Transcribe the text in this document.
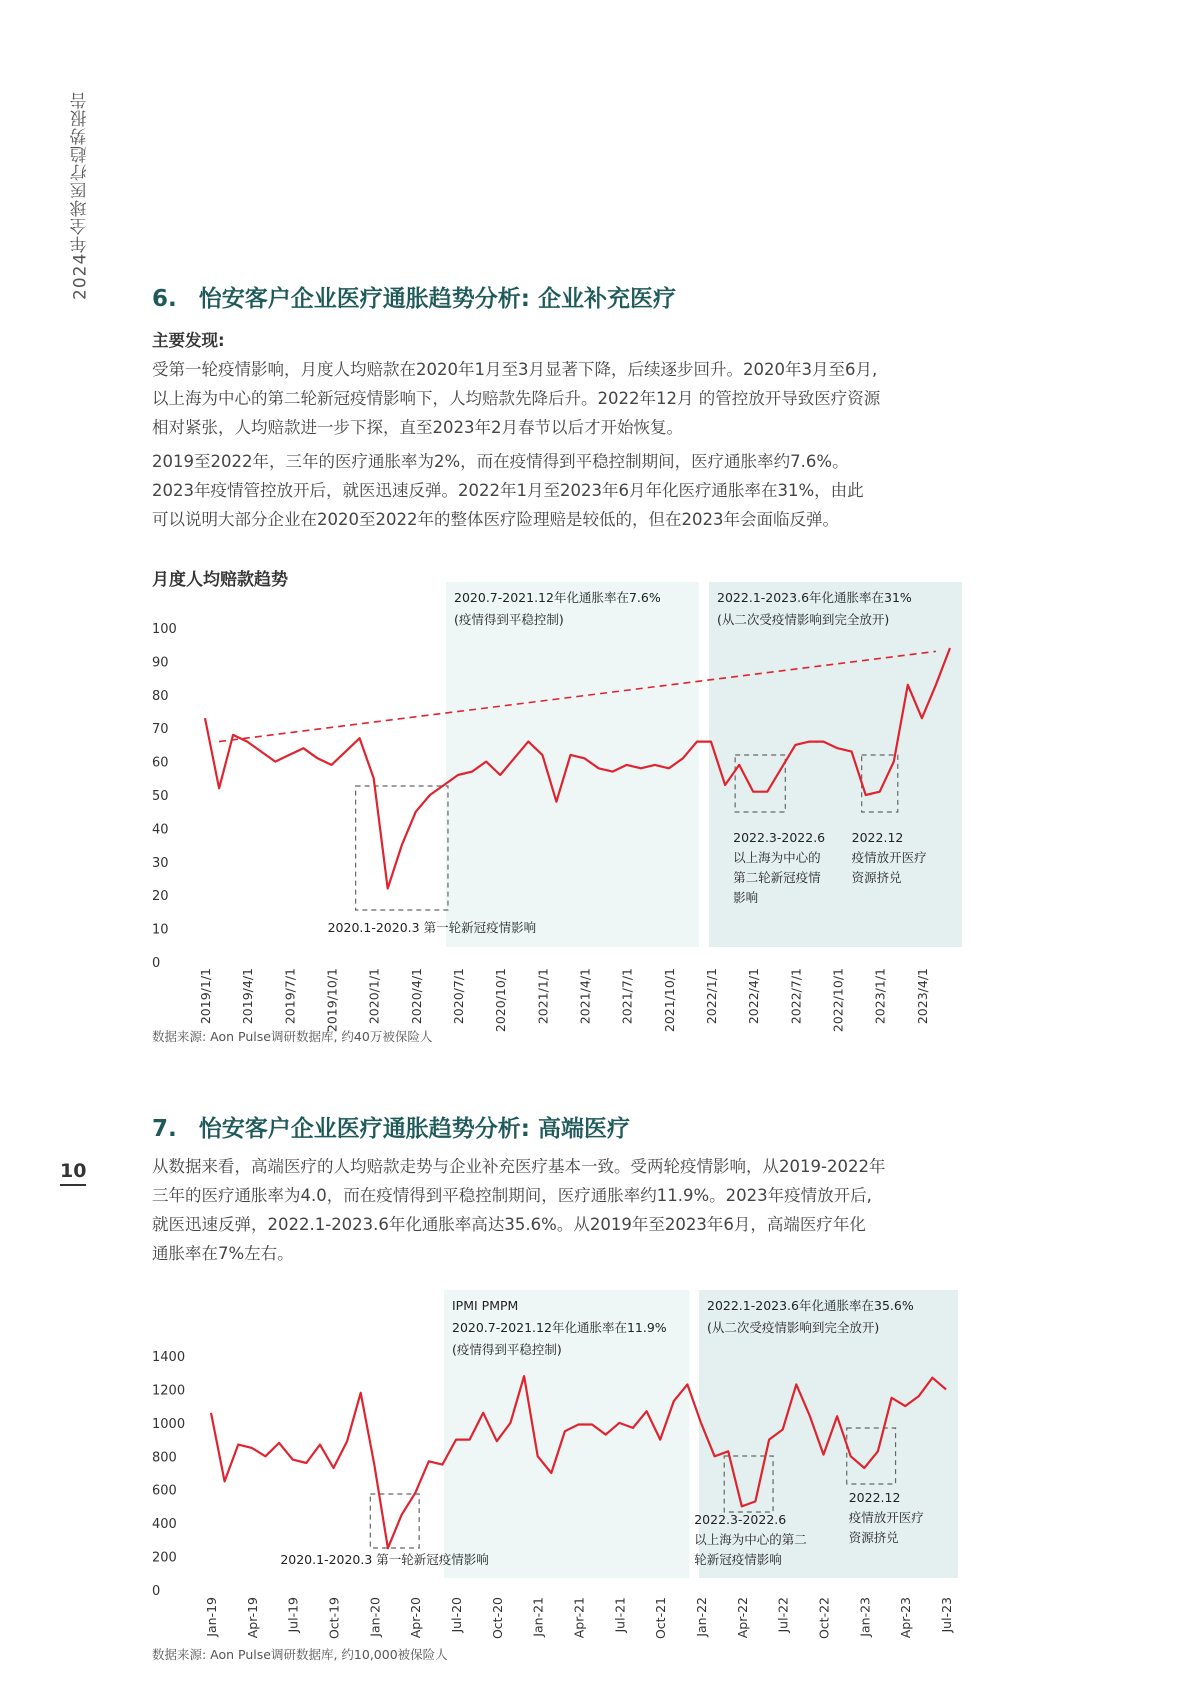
2024年全球医疗趋势报告
10
6. 怡安客户企业医疗通胀趋势分析: 企业补充医疗
主要发现:
受第一轮疫情影响，月度人均赔款在2020年1月至3月显著下降，后续逐步回升。2020年3月至6月,
以上海为中心的第二轮新冠疫情影响下，人均赔款先降后升。2022年12月 的管控放开导致医疗资源
相对紧张，人均赔款进一步下探，直至2023年2月春节以后才开始恢复。
2019至2022年，三年的医疗通胀率为2%，而在疫情得到平稳控制期间，医疗通胀率约7.6%。
2023年疫情管控放开后，就医迅速反弹。2022年1月至2023年6月年化医疗通胀率在31%，由此
可以说明大部分企业在2020至2022年的整体医疗险理赔是较低的，但在2023年会面临反弹。
月度人均赔款趋势
2020.7-2021.12年化通胀率在7.6%
(疫情得到平稳控制)
2022.1-2023.6年化通胀率在31%
(从二次受疫情影响到完全放开)
0
10
20
30
40
50
60
70
80
90
100
2019/1/1 2019/4/1 2019/7/1 2019/10/1 2020/1/1 2020/4/1 2020/7/1 2020/10/1 2021/1/1 2021/4/1 2021/7/1 2021/10/1 2022/1/1 2022/4/1 2022/7/1 2022/10/1 2023/1/1 2023/4/1
2020.1-2020.3 第一轮新冠疫情影响
2022.3-2022.6
以上海为中心的
第二轮新冠疫情
影响
2022.12
疫情放开医疗
资源挤兑
IPMI PMPM
2020.7-2021.12年化通胀率在11.9%
(疫情得到平稳控制)
2022.1-2023.6年化通胀率在35.6%
(从二次受疫情影响到完全放开)
0
200
400
600
800
1000
1200
1400
Jan-19 Apr-19 Jul-19 Oct-19 Jan-20 Apr-20 Jul-20 Oct-20 Jan-21 Apr-21 Jul-21 Oct-21 Jan-22 Apr-22 Jul-22 Oct-22 Jan-23 Apr-23 Jul-23
2020.1-2020.3 第一轮新冠疫情影响
2022.3-2022.6
以上海为中心的第二
轮新冠疫情影响
2022.12
疫情放开医疗
资源挤兑
数据来源: Aon Pulse调研数据库, 约40万被保险人
7. 怡安客户企业医疗通胀趋势分析: 高端医疗
从数据来看，高端医疗的人均赔款走势与企业补充医疗基本一致。受两轮疫情影响，从2019-2022年
三年的医疗通胀率为4.0，而在疫情得到平稳控制期间，医疗通胀率约11.9%。2023年疫情放开后,
就医迅速反弹，2022.1-2023.6年化通胀率高达35.6%。从2019年至2023年6月，高端医疗年化
通胀率在7%左右。
数据来源: Aon Pulse调研数据库, 约10,000被保险人
